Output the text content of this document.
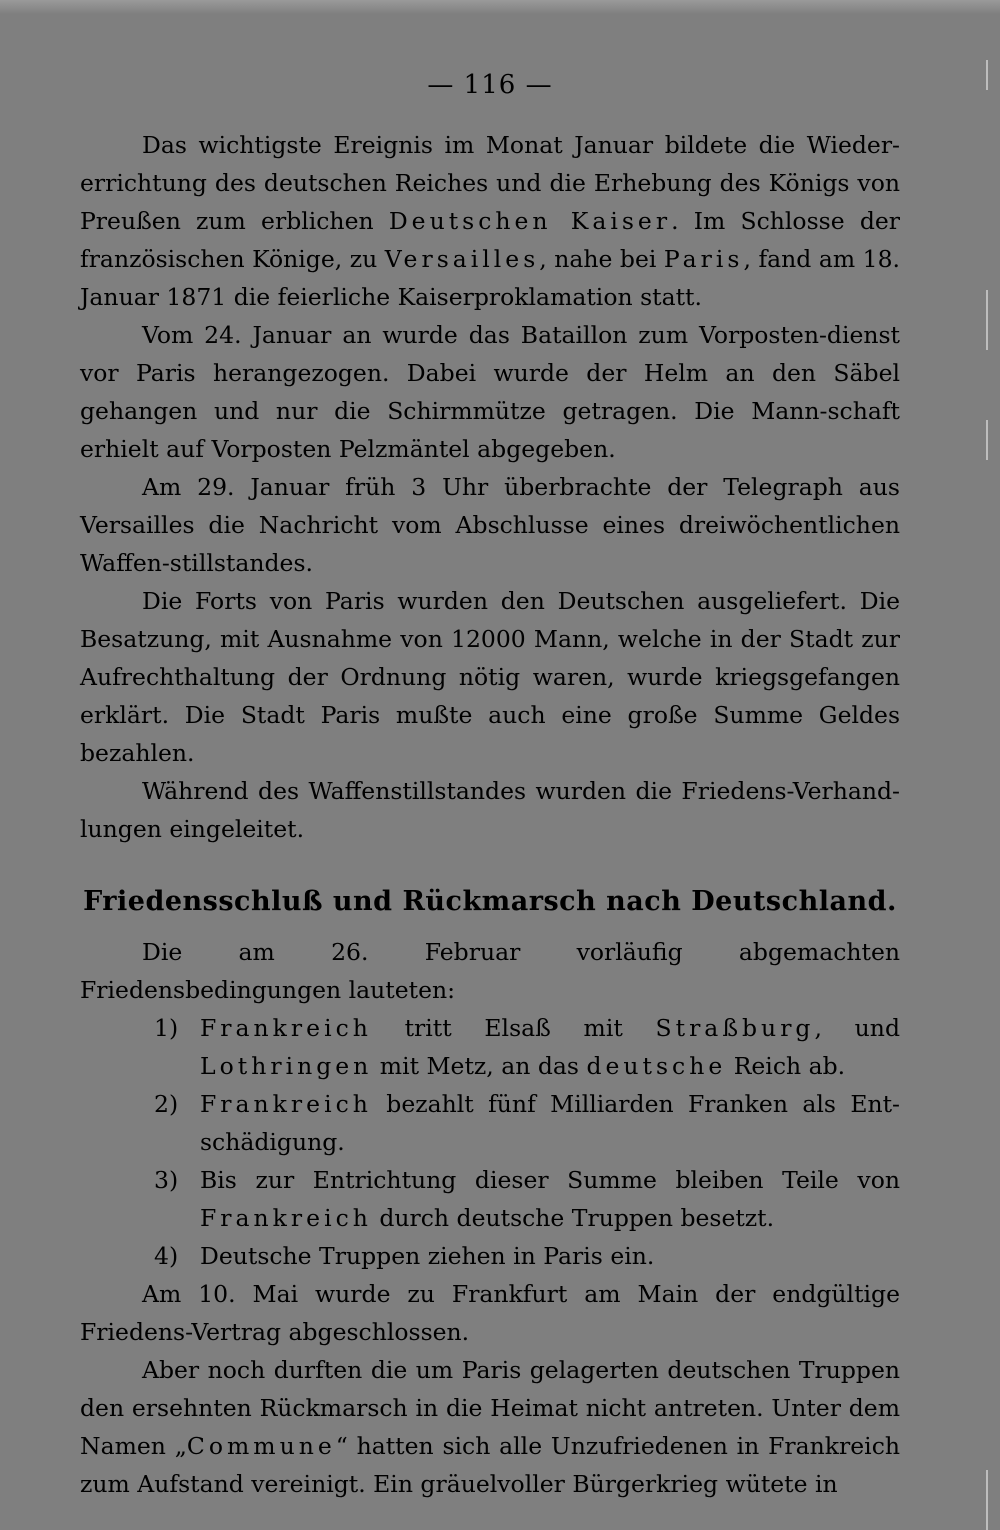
— 116 —

Das wichtigste Ereignis im Monat Januar bildete die Wieder-errichtung des deutschen Reiches und die Erhebung des Königs von Preußen zum erblichen Deutschen Kaiser. Im Schlosse der französischen Könige, zu Versailles, nahe bei Paris, fand am 18. Januar 1871 die feierliche Kaiserproklamation statt.

Vom 24. Januar an wurde das Bataillon zum Vorposten-dienst vor Paris herangezogen. Dabei wurde der Helm an den Säbel gehangen und nur die Schirmmütze getragen. Die Mann-schaft erhielt auf Vorposten Pelzmäntel abgegeben.

Am 29. Januar früh 3 Uhr überbrachte der Telegraph aus Versailles die Nachricht vom Abschlusse eines dreiwöchentlichen Waffen-stillstandes.

Die Forts von Paris wurden den Deutschen ausgeliefert. Die Besatzung, mit Ausnahme von 12000 Mann, welche in der Stadt zur Aufrechthaltung der Ordnung nötig waren, wurde kriegsgefangen erklärt. Die Stadt Paris mußte auch eine große Summe Geldes bezahlen.

Während des Waffenstillstandes wurden die Friedens-Verhand-lungen eingeleitet.

Friedensschluß und Rückmarsch nach Deutschland.

Die am 26. Februar vorläufig abgemachten Friedensbedingungen lauteten:

1) Frankreich tritt Elsaß mit Straßburg, und Lothringen mit Metz, an das deutsche Reich ab.
2) Frankreich bezahlt fünf Milliarden Franken als Ent-schädigung.
3) Bis zur Entrichtung dieser Summe bleiben Teile von Frankreich durch deutsche Truppen besetzt.
4) Deutsche Truppen ziehen in Paris ein.

Am 10. Mai wurde zu Frankfurt am Main der endgültige Friedens-Vertrag abgeschlossen.

Aber noch durften die um Paris gelagerten deutschen Truppen den ersehnten Rückmarsch in die Heimat nicht antreten. Unter dem Namen „Commune“ hatten sich alle Unzufriedenen in Frankreich zum Aufstand vereinigt. Ein gräuelvoller Bürgerkrieg wütete in
